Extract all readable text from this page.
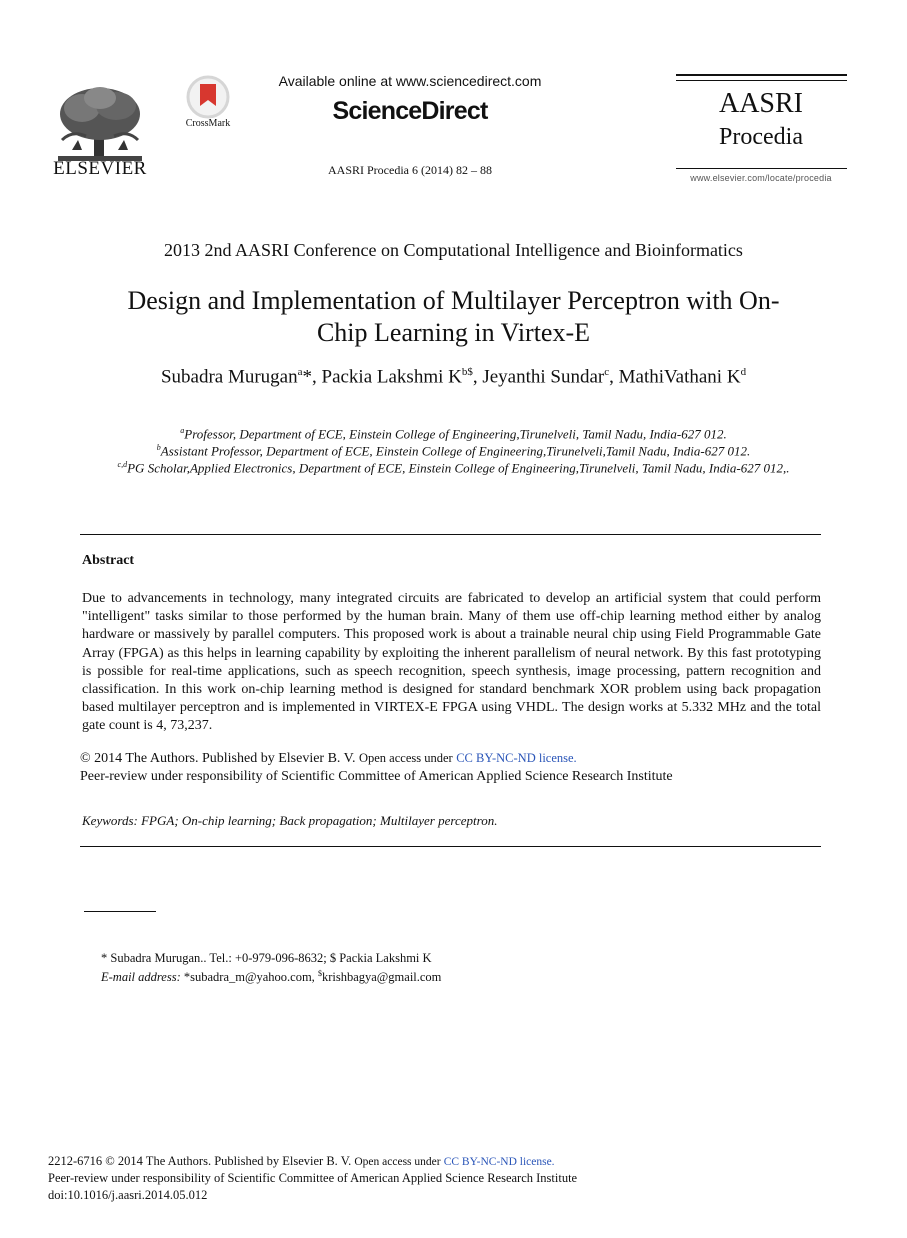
ELSEVIER
CrossMark
Available online at www.sciencedirect.com
ScienceDirect
AASRI Procedia 6 (2014) 82 – 88
AASRI
Procedia
www.elsevier.com/locate/procedia
2013 2nd AASRI Conference on Computational Intelligence and Bioinformatics
Design and Implementation of Multilayer Perceptron with On-
Chip Learning in Virtex-E
Subadra Murugan$^a$*, Packia Lakshmi $K^{b\$}$, Jeyanthi Sundar$^c$, MathiVathani $K^d$
$^a$Professor, Department of ECE, Einstein College of Engineering,Tirunelveli, Tamil Nadu, India-627 012.
$^b$Assistant Professor, Department of ECE, Einstein College of Engineering,Tirunelveli,Tamil Nadu, India-627 012.
$^{c,d}$PG Scholar,Applied Electronics, Department of ECE, Einstein College of Engineering,Tirunelveli, Tamil Nadu, India-627 012,.
Abstract
Due to advancements in technology, many integrated circuits are fabricated to develop an artificial system that could perform "intelligent" tasks similar to those performed by the human brain. Many of them use off-chip learning method either by analog hardware or massively by parallel computers. This proposed work is about a trainable neural chip using Field Programmable Gate Array (FPGA) as this helps in learning capability by exploiting the inherent parallelism of neural network. By this fast prototyping is possible for real-time applications, such as speech recognition, speech synthesis, image processing, pattern recognition and classification. In this work on-chip learning method is designed for standard benchmark XOR problem using back propagation based multilayer perceptron and is implemented in VIRTEX-E FPGA using VHDL. The design works at 5.332 MHz and the total gate count is 4, 73,237.
© 2014 The Authors. Published by Elsevier B. V. Open access under CC BY-NC-ND license.
Peer-review under responsibility of Scientific Committee of American Applied Science Research Institute
Keywords: FPGA; On-chip learning; Back propagation; Multilayer perceptron.
* Subadra Murugan.. Tel.: +0-979-096-8632; $ Packia Lakshmi K
E-mail address: *subadra_m@yahoo.com, $krishbagya@gmail.com
2212-6716 © 2014 The Authors. Published by Elsevier B. V. Open access under CC BY-NC-ND license.
Peer-review under responsibility of Scientific Committee of American Applied Science Research Institute
doi:10.1016/j.aasri.2014.05.012
